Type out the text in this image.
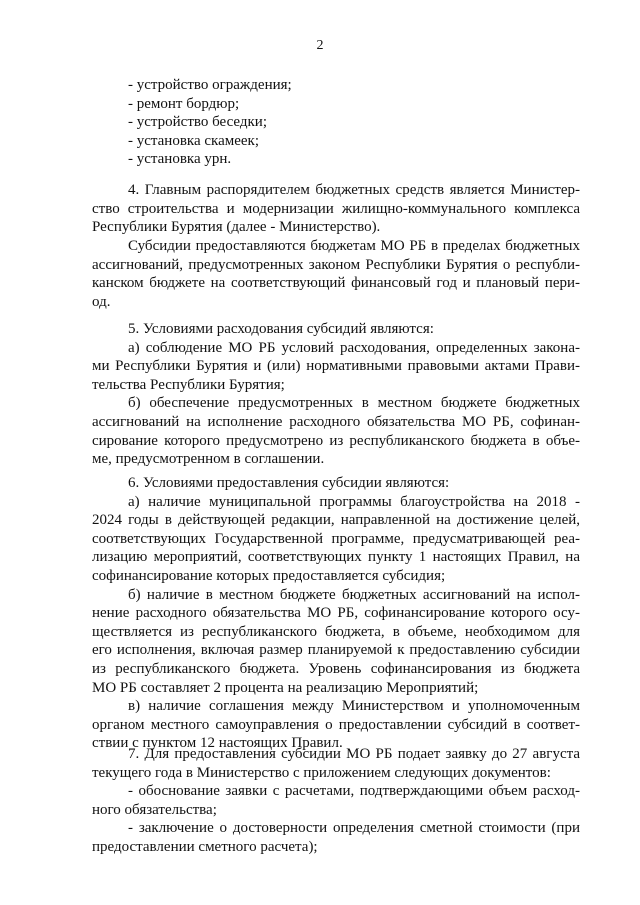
2
- устройство ограждения;
- ремонт бордюр;
- устройство беседки;
- установка скамеек;
- установка урн.
4. Главным распорядителем бюджетных средств является Министер-
ство строительства и модернизации жилищно-коммунального комплекса
Республики Бурятия (далее - Министерство).
Субсидии предоставляются бюджетам МО РБ в пределах бюджетных
ассигнований, предусмотренных законом Республики Бурятия о республи-
канском бюджете на соответствующий финансовый год и плановый пери-
од.
5. Условиями расходования субсидий являются:
а) соблюдение МО РБ условий расходования, определенных закона-
ми Республики Бурятия и (или) нормативными правовыми актами Прави-
тельства Республики Бурятия;
б) обеспечение предусмотренных в местном бюджете бюджетных
ассигнований на исполнение расходного обязательства МО РБ, софинан-
сирование которого предусмотрено из республиканского бюджета в объе-
ме, предусмотренном в соглашении.
6. Условиями предоставления субсидии являются:
а) наличие муниципальной программы благоустройства на 2018 -
2024 годы в действующей редакции, направленной на достижение целей,
соответствующих Государственной программе, предусматривающей реа-
лизацию мероприятий, соответствующих пункту 1 настоящих Правил, на
софинансирование которых предоставляется субсидия;
б) наличие в местном бюджете бюджетных ассигнований на испол-
нение расходного обязательства МО РБ, софинансирование которого осу-
ществляется из республиканского бюджета, в объеме, необходимом для
его исполнения, включая размер планируемой к предоставлению субсидии
из республиканского бюджета. Уровень софинансирования из бюджета
МО РБ составляет 2 процента на реализацию Мероприятий;
в) наличие соглашения между Министерством и уполномоченным
органом местного самоуправления о предоставлении субсидий в соответ-
ствии с пунктом 12 настоящих Правил.
7. Для предоставления субсидии МО РБ подает заявку до 27 августа
текущего года в Министерство с приложением следующих документов:
- обоснование заявки с расчетами, подтверждающими объем расход-
ного обязательства;
- заключение о достоверности определения сметной стоимости (при
предоставлении сметного расчета);
